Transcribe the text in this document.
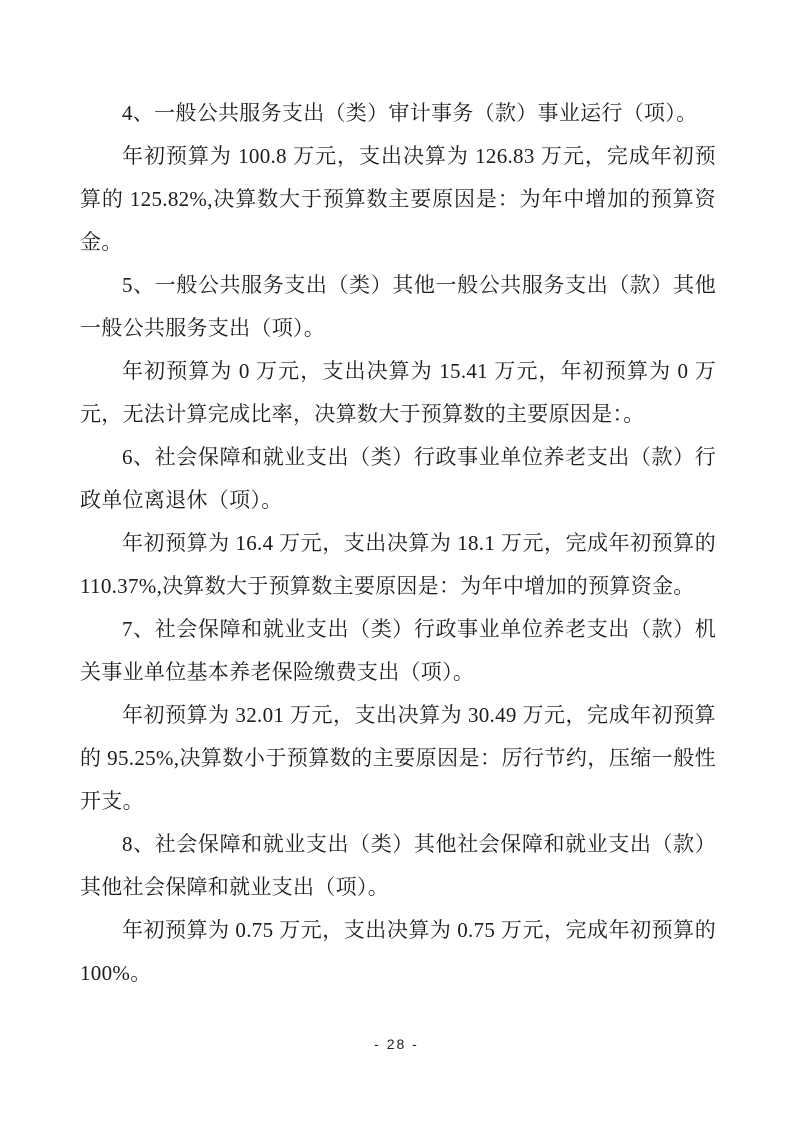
4、一般公共服务支出（类）审计事务（款）事业运行（项）。

年初预算为 100.8 万元，支出决算为 126.83 万元，完成年初预算的 125.82%,决算数大于预算数主要原因是：为年中增加的预算资金。

5、一般公共服务支出（类）其他一般公共服务支出（款）其他一般公共服务支出（项）。

年初预算为 0 万元，支出决算为 15.41 万元，年初预算为 0 万元，无法计算完成比率，决算数大于预算数的主要原因是：。

6、社会保障和就业支出（类）行政事业单位养老支出（款）行政单位离退休（项）。

年初预算为 16.4 万元，支出决算为 18.1 万元，完成年初预算的 110.37%,决算数大于预算数主要原因是：为年中增加的预算资金。

7、社会保障和就业支出（类）行政事业单位养老支出（款）机关事业单位基本养老保险缴费支出（项）。

年初预算为 32.01 万元，支出决算为 30.49 万元，完成年初预算的 95.25%,决算数小于预算数的主要原因是：厉行节约，压缩一般性开支。

8、社会保障和就业支出（类）其他社会保障和就业支出（款）其他社会保障和就业支出（项）。

年初预算为 0.75 万元，支出决算为 0.75 万元，完成年初预算的 100%。

- 28 -
